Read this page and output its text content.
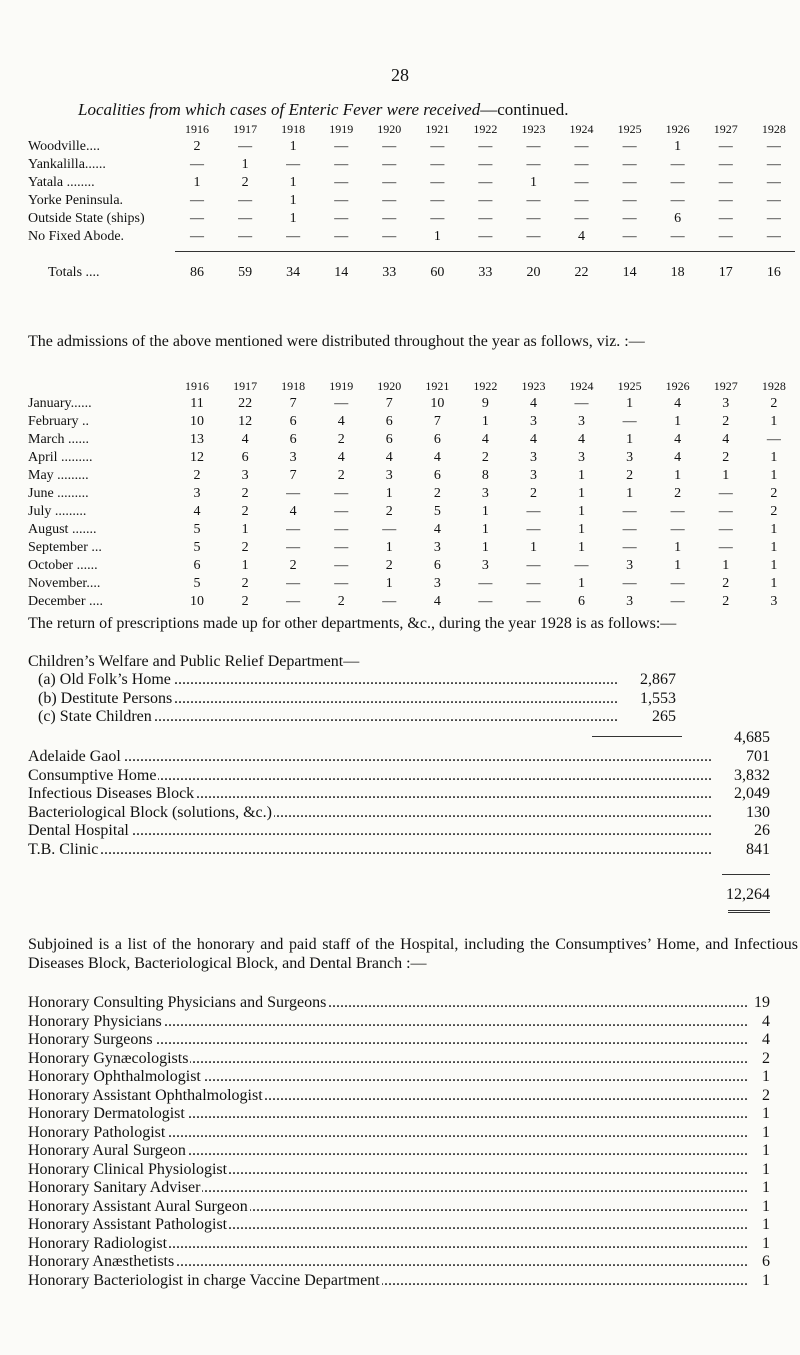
28
Localities from which cases of Enteric Fever were received—continued.
	1916	1917	1918	1919	1920	1921	1922	1923	1924	1925	1926	1927	1928
Woodville....	2	—	1	—	—	—	—	—	—	—	1	—	—
Yankalilla......	—	1	—	—	—	—	—	—	—	—	—	—	—
Yatala ........	1	2	1	—	—	—	—	1	—	—	—	—	—
Yorke Peninsula.	—	—	1	—	—	—	—	—	—	—	—	—	—
Outside State (ships)	—	—	1	—	—	—	—	—	—	—	6	—	—
No Fixed Abode.	—	—	—	—	—	1	—	—	4	—	—	—	—

Totals ....	86	59	34	14	33	60	33	20	22	14	18	17	16
The admissions of the above mentioned were distributed throughout the year as follows, viz. :—
	1916	1917	1918	1919	1920	1921	1922	1923	1924	1925	1926	1927	1928
January......	11	22	7	—	7	10	9	4	—	1	4	3	2
February ..	10	12	6	4	6	7	1	3	3	—	1	2	1
March ......	13	4	6	2	6	6	4	4	4	1	4	4	—
April .........	12	6	3	4	4	4	2	3	3	3	4	2	1
May .........	2	3	7	2	3	6	8	3	1	2	1	1	1
June .........	3	2	—	—	1	2	3	2	1	1	2	—	2
July .........	4	2	4	—	2	5	1	—	1	—	—	—	2
August .......	5	1	—	—	—	4	1	—	1	—	—	—	1
September ...	5	2	—	—	1	3	1	1	1	—	1	—	1
October ......	6	1	2	—	2	6	3	—	—	3	1	1	1
November....	5	2	—	—	1	3	—	—	1	—	—	2	1
December ....	10	2	—	2	—	4	—	—	6	3	—	2	3
The return of prescriptions made up for other departments, &c., during the year 1928 is as follows:—
Children’s Welfare and Public Relief Department—
.....
(a) Old Folk’s Home	2,867
.....
(b) Destitute Persons	1,553
.....
(c) State Children	265
4,685
.....
Adelaide Gaol	701
.....
Consumptive Home	3,832
.....
Infectious Diseases Block	2,049
.....
Bacteriological Block (solutions, &c.)	130
.....
Dental Hospital	26
.....
T.B. Clinic	841
12,264
Subjoined is a list of the honorary and paid staff of the Hospital, including the Consumptives’ Home, and Infectious Diseases Block, Bacteriological Block, and Dental Branch :—
.....
Honorary Consulting Physicians and Surgeons	19
.....
Honorary Physicians	4
.....
Honorary Surgeons	4
.....
Honorary Gynæcologists	2
.....
Honorary Ophthalmologist	1
.....
Honorary Assistant Ophthalmologist	2
.....
Honorary Dermatologist	1
.....
Honorary Pathologist	1
.....
Honorary Aural Surgeon	1
.....
Honorary Clinical Physiologist	1
.....
Honorary Sanitary Adviser	1
.....
Honorary Assistant Aural Surgeon	1
.....
Honorary Assistant Pathologist	1
.....
Honorary Radiologist	1
.....
Honorary Anæsthetists	6
.....
Honorary Bacteriologist in charge Vaccine Department	1
